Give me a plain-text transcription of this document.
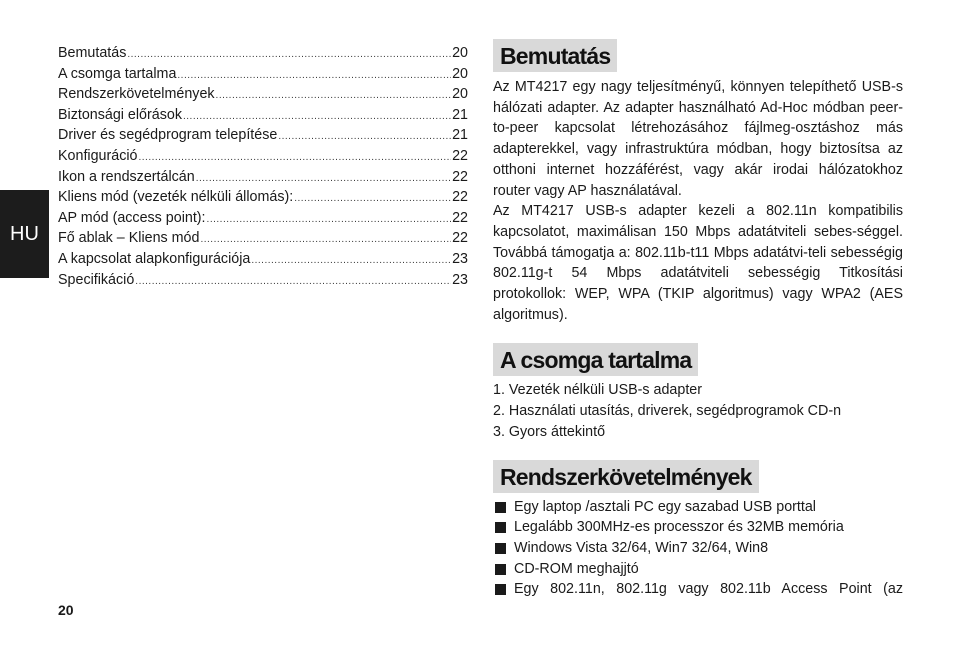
HU
Bemutatás .....	20
A csomga tartalma .....	20
Rendszerkövetelmények .....	20
Biztonsági előrások .....	21
Driver és segédprogram telepítése .....	21
Konfiguráció .....	22
Ikon a rendszertálcán .....	22
Kliens mód (vezeték nélküli állomás): .....	22
AP mód (access point): .....	22
Fő ablak – Kliens mód .....	22
A kapcsolat alapkonfigurációja .....	23
Specifikáció .....	23
20
Bemutatás

Az MT4217 egy nagy teljesítményű, könnyen telepíthető USB-s hálózati adapter. Az adapter használható Ad-Hoc módban peer-to-peer kapcsolat létrehozásához fájlmeg-osztáshoz más adapterekkel, vagy infrastruktúra módban, hogy biztosítsa az otthoni internet hozzáférést, vagy akár irodai hálózatokhoz router vagy AP használatával.

Az MT4217 USB-s adapter kezeli a 802.11n kompatibilis kapcsolatot, maximálisan 150 Mbps adatátviteli sebes-séggel. Továbbá támogatja a: 802.11b-t11 Mbps adatátvi-teli sebességig 802.11g-t 54 Mbps adatátviteli sebességig Titkosítási protokollok: WEP, WPA (TKIP algoritmus) vagy WPA2 (AES algoritmus).

A csomga tartalma
1. Vezeték nélküli USB-s adapter
2. Használati utasítás, driverek, segédprogramok CD-n
3. Gyors áttekintő
Rendszerkövetelmények
Egy laptop /asztali PC egy sazabad USB porttal
Legalább 300MHz-es processzor és 32MB memória
Windows Vista 32/64, Win7 32/64, Win8
CD-ROM meghajjtó
Egy 802.11n, 802.11g vagy 802.11b Access Point (az
